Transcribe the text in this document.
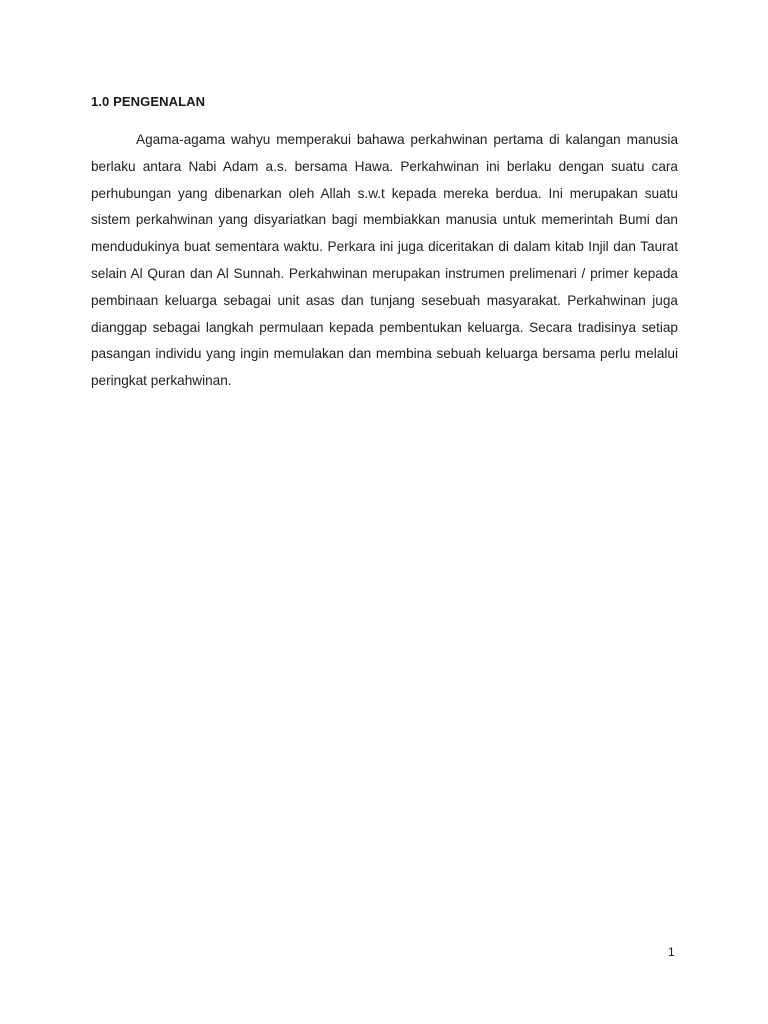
1.0 PENGENALAN

Agama-agama wahyu memperakui bahawa perkahwinan pertama di kalangan manusia berlaku antara Nabi Adam a.s. bersama Hawa. Perkahwinan ini berlaku dengan suatu cara perhubungan yang dibenarkan oleh Allah s.w.t kepada mereka berdua. Ini merupakan suatu sistem perkahwinan yang disyariatkan bagi membiakkan manusia untuk memerintah Bumi dan mendudukinya buat sementara waktu. Perkara ini juga diceritakan di dalam kitab Injil dan Taurat selain Al Quran dan Al Sunnah. Perkahwinan merupakan instrumen prelimenari / primer kepada pembinaan keluarga sebagai unit asas dan tunjang sesebuah masyarakat. Perkahwinan juga dianggap sebagai langkah permulaan kepada pembentukan keluarga. Secara tradisinya setiap pasangan individu yang ingin memulakan dan membina sebuah keluarga bersama perlu melalui peringkat perkahwinan.

1
